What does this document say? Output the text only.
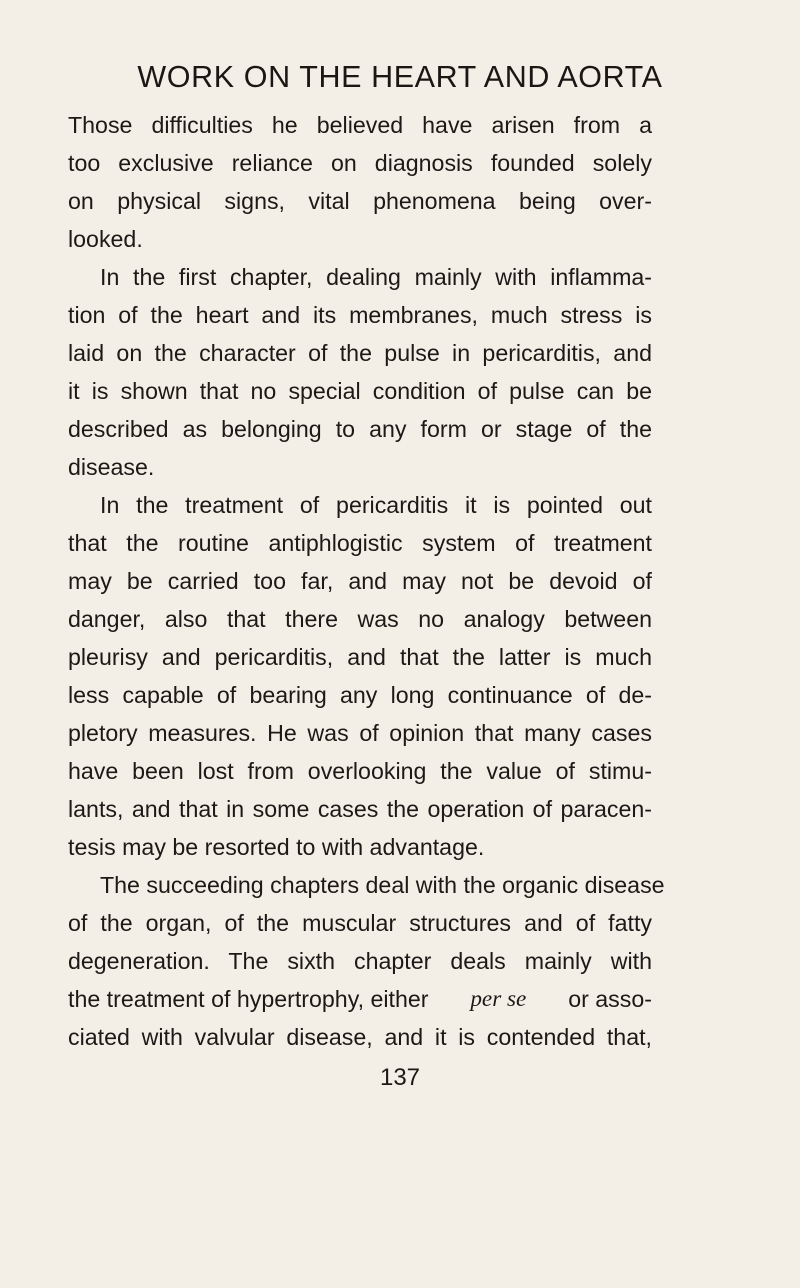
WORK ON THE HEART AND AORTA
Those difficulties he believed have arisen from a
too exclusive reliance on diagnosis founded solely
on physical signs, vital phenomena being over-
looked.
In the first chapter, dealing mainly with inflamma-
tion of the heart and its membranes, much stress is
laid on the character of the pulse in pericarditis, and
it is shown that no special condition of pulse can be
described as belonging to any form or stage of the
disease.
In the treatment of pericarditis it is pointed out
that the routine antiphlogistic system of treatment
may be carried too far, and may not be devoid of
danger, also that there was no analogy between
pleurisy and pericarditis, and that the latter is much
less capable of bearing any long continuance of de-
pletory measures. He was of opinion that many cases
have been lost from overlooking the value of stimu-
lants, and that in some cases the operation of paracen-
tesis may be resorted to with advantage.
The succeeding chapters deal with the organic disease
of the organ, of the muscular structures and of fatty
degeneration. The sixth chapter deals mainly with
the treatment of hypertrophy, either per se or asso-
ciated with valvular disease, and it is contended that,
137
